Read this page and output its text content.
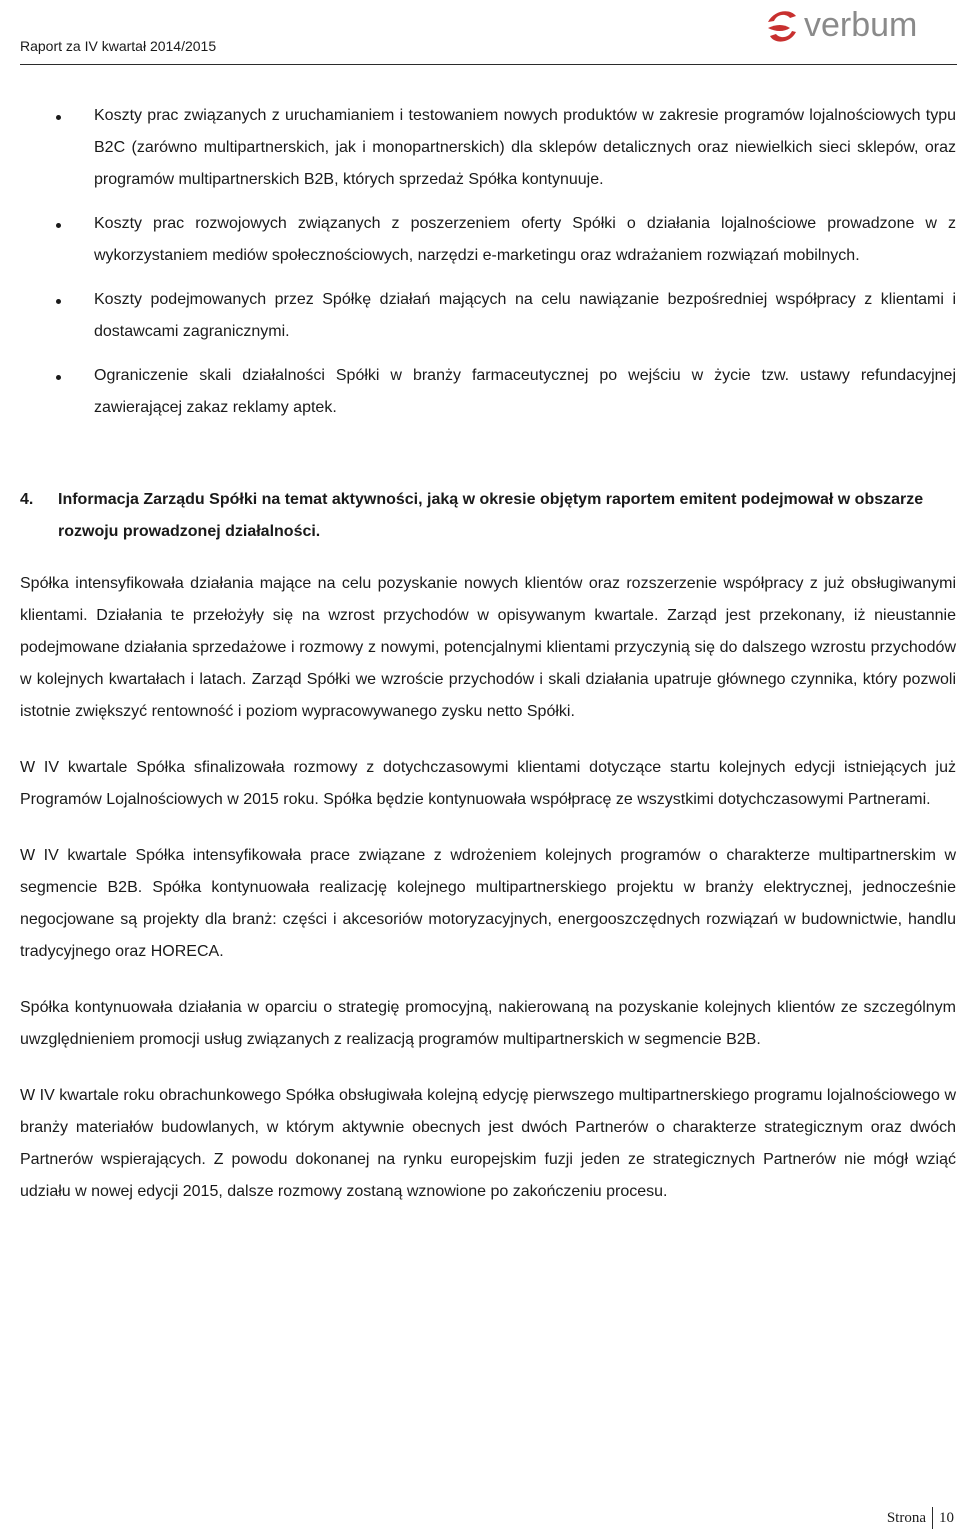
Raport za IV kwartał 2014/2015
verbum
Koszty prac związanych z uruchamianiem i testowaniem nowych produktów w zakresie programów lojalnościowych typu B2C (zarówno multipartnerskich, jak i monopartnerskich) dla sklepów detalicznych oraz niewielkich sieci sklepów, oraz programów multipartnerskich B2B, których sprzedaż Spółka kontynuuje.
Koszty prac rozwojowych związanych z poszerzeniem oferty Spółki o działania lojalnościowe prowadzone w z wykorzystaniem mediów społecznościowych, narzędzi e-marketingu oraz wdrażaniem rozwiązań mobilnych.
Koszty podejmowanych przez Spółkę działań mających na celu nawiązanie bezpośredniej współpracy z klientami i dostawcami zagranicznymi.
Ograniczenie skali działalności Spółki w branży farmaceutycznej po wejściu w życie tzw. ustawy refundacyjnej zawierającej zakaz reklamy aptek.
4.	Informacja Zarządu Spółki na temat aktywności, jaką w okresie objętym raportem emitent podejmował w obszarze rozwoju prowadzonej działalności.

Spółka intensyfikowała działania mające na celu pozyskanie nowych klientów oraz rozszerzenie współpracy z już obsługiwanymi klientami. Działania te przełożyły się na wzrost przychodów w opisywanym kwartale. Zarząd jest przekonany, iż nieustannie podejmowane działania sprzedażowe i rozmowy z nowymi, potencjalnymi klientami przyczynią się do dalszego wzrostu przychodów w kolejnych kwartałach i latach. Zarząd Spółki we wzroście przychodów i skali działania upatruje głównego czynnika, który pozwoli istotnie zwiększyć rentowność i poziom wypracowywanego zysku netto Spółki.

W IV kwartale Spółka sfinalizowała rozmowy z dotychczasowymi klientami dotyczące startu kolejnych edycji istniejących już Programów Lojalnościowych w 2015 roku. Spółka będzie kontynuowała współpracę ze wszystkimi dotychczasowymi Partnerami.

W IV kwartale Spółka intensyfikowała prace związane z wdrożeniem kolejnych programów o charakterze multipartnerskim w segmencie B2B. Spółka kontynuowała realizację kolejnego multipartnerskiego projektu w branży elektrycznej, jednocześnie negocjowane są projekty dla branż: części i akcesoriów motoryzacyjnych, energooszczędnych rozwiązań w budownictwie, handlu tradycyjnego oraz HORECA.

Spółka kontynuowała działania w oparciu o strategię promocyjną, nakierowaną na pozyskanie kolejnych klientów ze szczególnym uwzględnieniem promocji usług związanych z realizacją programów multipartnerskich w segmencie B2B.

W IV kwartale roku obrachunkowego Spółka obsługiwała kolejną edycję pierwszego multipartnerskiego programu lojalnościowego w branży materiałów budowlanych, w którym aktywnie obecnych jest dwóch Partnerów o charakterze strategicznym oraz dwóch Partnerów wspierających. Z powodu dokonanej na rynku europejskim fuzji jeden ze strategicznych Partnerów nie mógł wziąć udziału w nowej edycji 2015, dalsze rozmowy zostaną wznowione po zakończeniu procesu.

Strona 10
